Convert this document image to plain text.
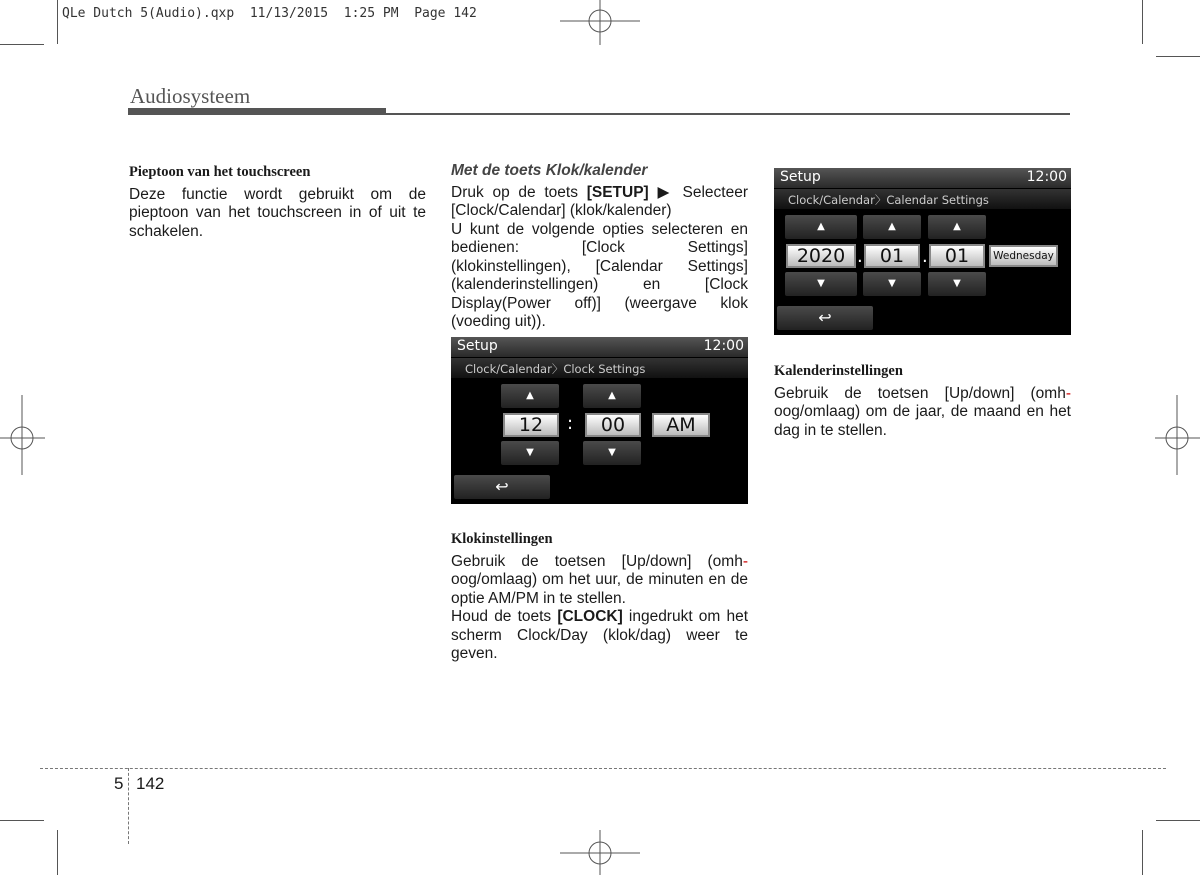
QLe Dutch 5(Audio).qxp  11/13/2015  1:25 PM  Page 142
Audiosysteem
Pieptoon van het touchscreen

Deze functie wordt gebruikt om de pieptoon van het touchscreen in of uit te schakelen.

Met de toets Klok/kalender

Druk op de toets [SETUP] ▶ Selecteer [Clock/Calendar] (klok/kalender)

U kunt de volgende opties selecteren en bedienen: [Clock Settings] (klokinstellingen), [Calendar Settings] (kalenderinstellingen) en [Clock Display(Power off)] (weergave klok (voeding uit)).

Setup	12:00
Clock/Calendar〉Clock Settings
▲	▲
12	:	00	AM
▼	▼
↩
Klokinstellingen

Gebruik de toetsen [Up/down] (omh-oog/omlaag) om het uur, de minuten en de optie AM/PM in te stellen.

Houd de toets [CLOCK] ingedrukt om het scherm Clock/Day (klok/dag) weer te geven.

Setup	12:00
Clock/Calendar〉Calendar Settings
▲	▲	▲
2020 . 01 . 01	Wednesday
▼	▼	▼
↩
Kalenderinstellingen

Gebruik de toetsen [Up/down] (omh-oog/omlaag) om de jaar, de maand en het dag in te stellen.

5 142
